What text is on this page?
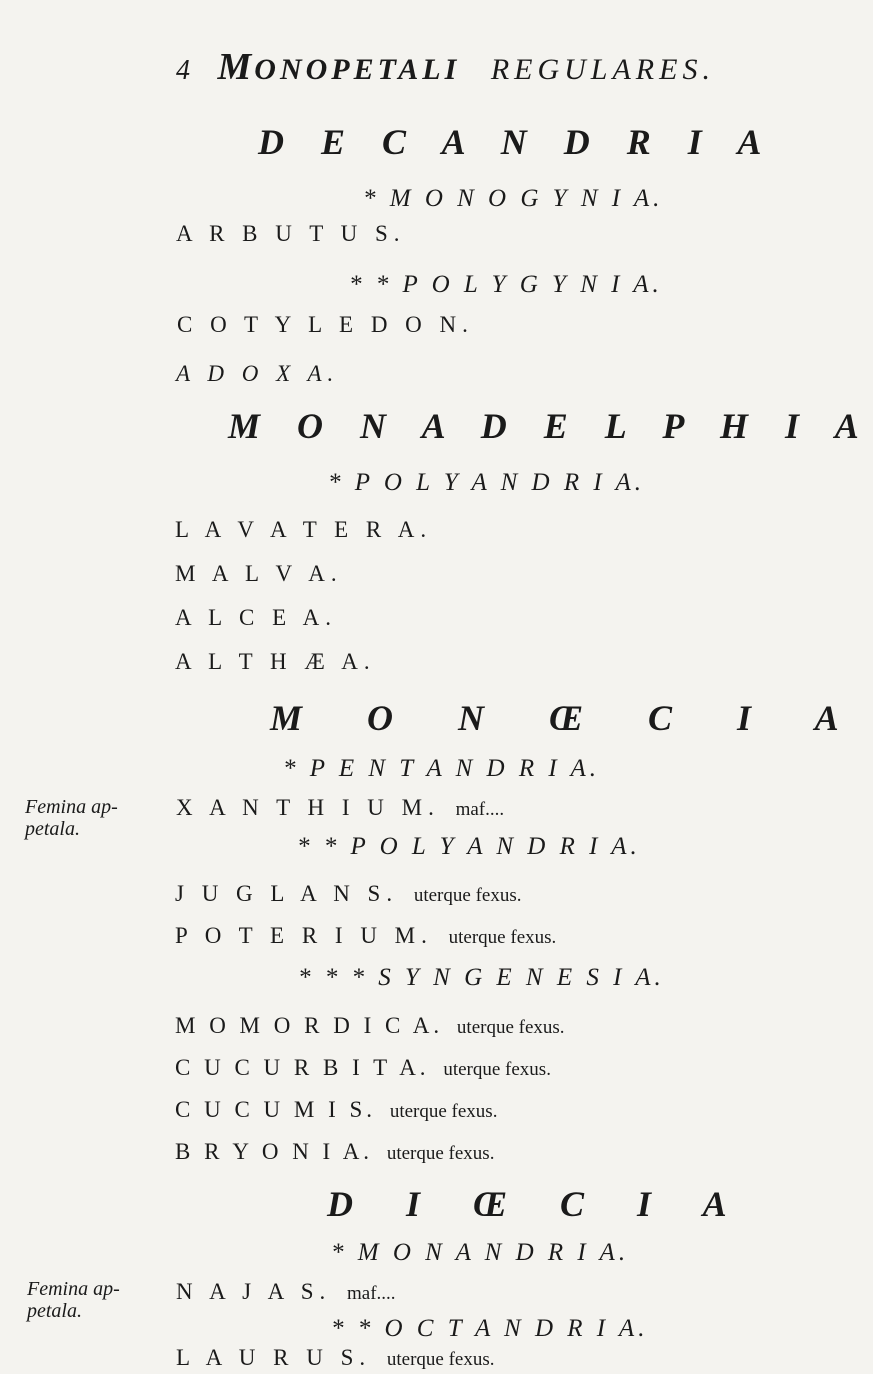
4 MONOPETALI REGULARES.
D E C A N D R I A
* M O N O G Y N I A.
A R B U T U S.
* * P O L Y G Y N I A.
C O T Y L E D O N.
A D O X A.
M O N A D E L P H I A
* P O L Y A N D R I A.
L A V A T E R A.
M A L V A.
A L C E A.
A L T H Æ A.
M O N Œ C I A
* P E N T A N D R I A.
Femina ap-
petala.
X A N T H I U M. maf....
* * P O L Y A N D R I A.
J U G L A N S. uterque fexus.
P O T E R I U M. uterque fexus.
* * * S Y N G E N E S I A.
M O M O R D I C A. uterque fexus.
C U C U R B I T A. uterque fexus.
C U C U M I S. uterque fexus.
B R Y O N I A. uterque fexus.
D I Œ C I A
* M O N A N D R I A.
Femina ap-
petala.
N A J A S. maf....
* * O C T A N D R I A.
L A U R U S. uterque fexus.
